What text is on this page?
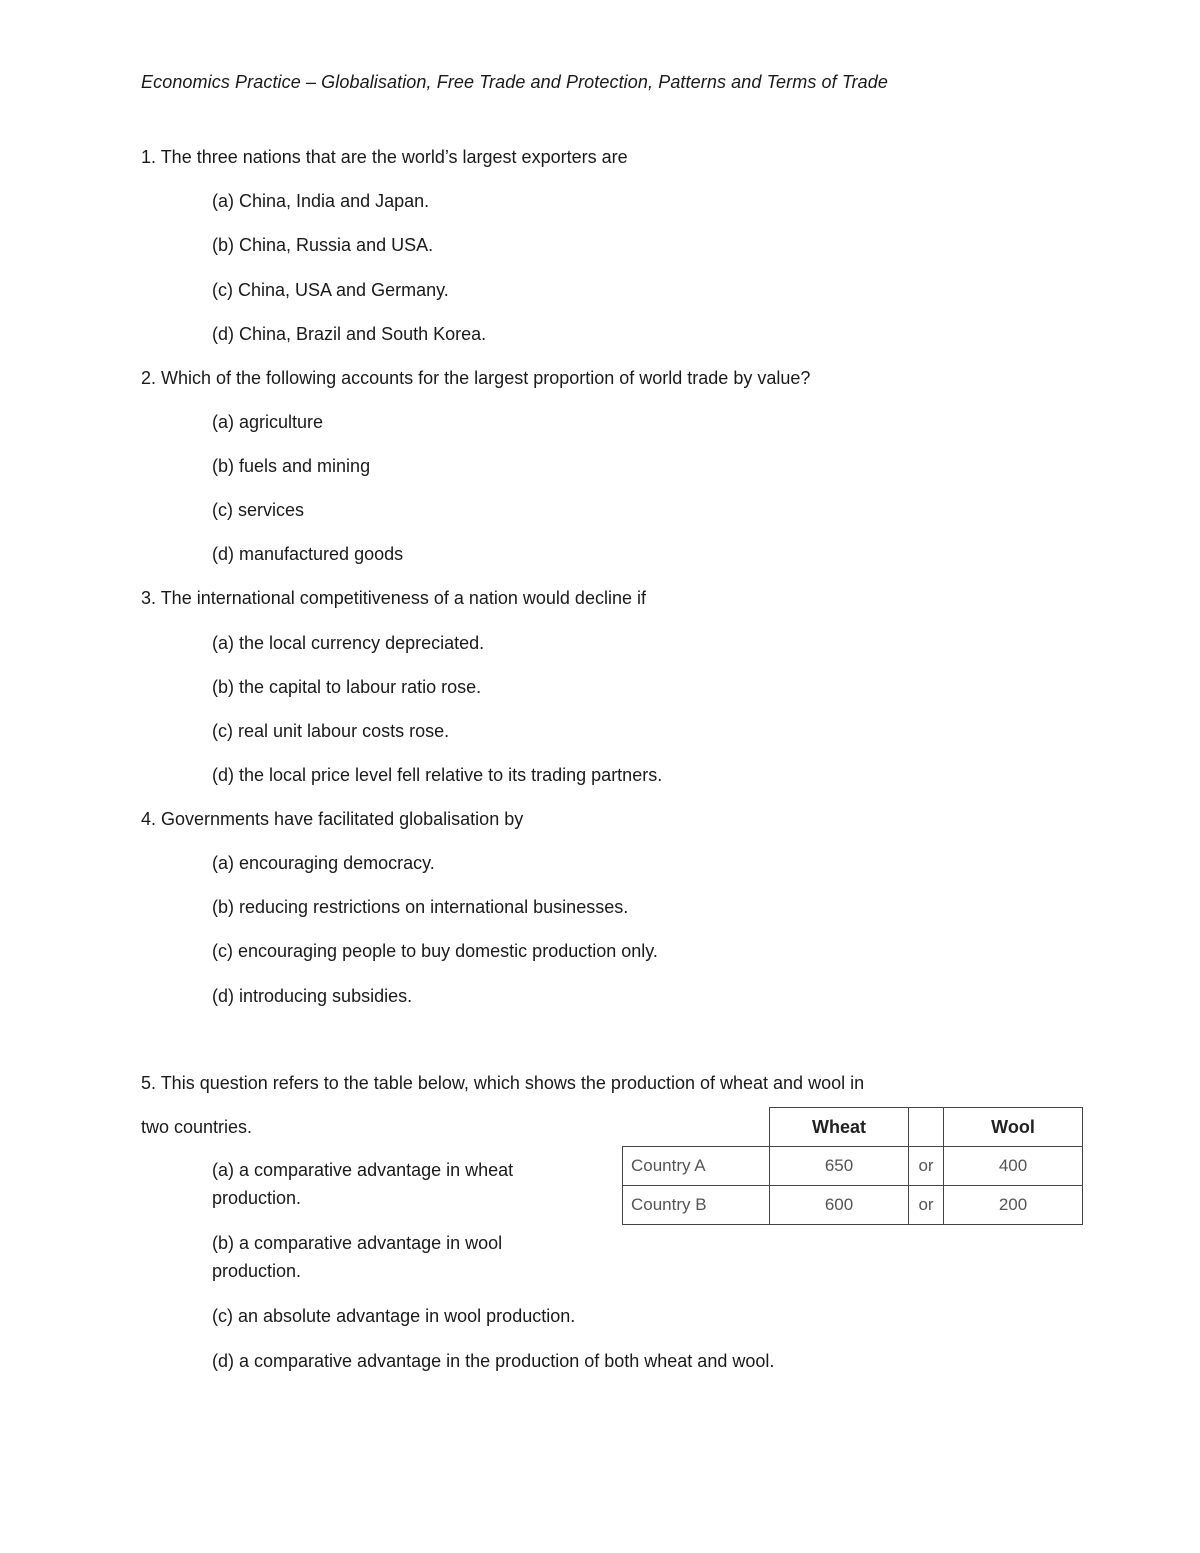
Economics Practice – Globalisation, Free Trade and Protection, Patterns and Terms of Trade
1. The three nations that are the world’s largest exporters are
(a) China, India and Japan.
(b) China, Russia and USA.
(c) China, USA and Germany.
(d) China, Brazil and South Korea.
2. Which of the following accounts for the largest proportion of world trade by value?
(a) agriculture
(b) fuels and mining
(c) services
(d) manufactured goods
3. The international competitiveness of a nation would decline if
(a) the local currency depreciated.
(b) the capital to labour ratio rose.
(c) real unit labour costs rose.
(d) the local price level fell relative to its trading partners.
4. Governments have facilitated globalisation by
(a) encouraging democracy.
(b) reducing restrictions on international businesses.
(c) encouraging people to buy domestic production only.
(d) introducing subsidies.
5. This question refers to the table below, which shows the production of wheat and wool in
two countries.
(a) a comparative advantage in wheat production.
(b) a comparative advantage in wool production.
(c) an absolute advantage in wool production.
(d) a comparative advantage in the production of both wheat and wool.
	Wheat		Wool
Country A	650	or	400
Country B	600	or	200
